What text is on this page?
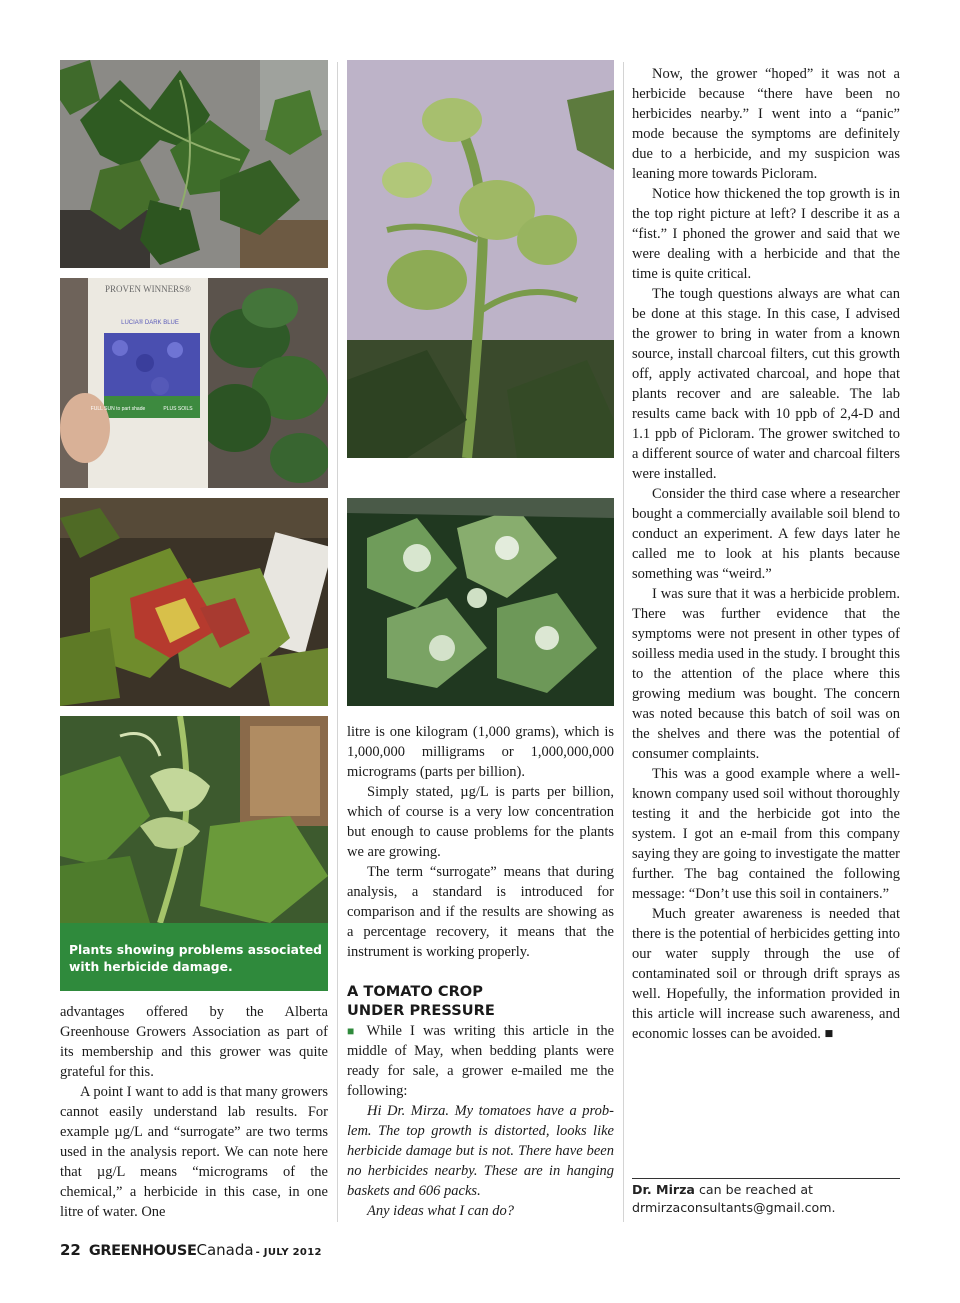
PROVEN WINNERS®
LUCIA® DARK BLUE
FULL SUN to part shade	PLUS SOILS
Plants showing problems associated with herbicide damage.

advantages offered by the Alberta Greenhouse Growers Association as part of its membership and this grower was quite grateful for this.

A point I want to add is that many growers cannot easily understand lab results. For example µg/L and “surrogate” are two terms used in the analysis report. We can note here that µg/L means “micrograms of the chemical,” a herbicide in this case, in one litre of water. One

litre is one kilogram (1,000 grams), which is 1,000,000 milligrams or 1,000,000,000 micrograms (parts per billion).

Simply stated, µg/L is parts per billion, which of course is a very low concentration but enough to cause problems for the plants we are growing.

The term “surrogate” means that during analysis, a standard is introduced for comparison and if the results are showing as a percentage recovery, it means that the instrument is working properly.

A TOMATO CROP
UNDER PRESSURE

■ While I was writing this article in the middle of May, when bedding plants were ready for sale, a grower e-mailed me the following:

Hi Dr. Mirza. My tomatoes have a problem. The top growth is distorted, looks like herbicide damage but is not. There have been no herbicides nearby. These are in hanging baskets and 606 packs.

Any ideas what I can do?

Now, the grower “hoped” it was not a herbicide because “there have been no herbicides nearby.” I went into a “panic” mode because the symptoms are definitely due to a herbicide, and my suspicion was leaning more towards Picloram.

Notice how thickened the top growth is in the top right picture at left? I describe it as a “fist.” I phoned the grower and said that we were dealing with a herbicide and that the time is quite critical.

The tough questions always are what can be done at this stage. In this case, I advised the grower to bring in water from a known source, install charcoal filters, cut this growth off, apply activated charcoal, and hope that plants recover and are saleable. The lab results came back with 10 ppb of 2,4-D and 1.1 ppb of Picloram. The grower switched to a different source of water and charcoal filters were installed.

Consider the third case where a researcher bought a commercially available soil blend to conduct an experiment. A few days later he called me to look at his plants because something was “weird.”

I was sure that it was a herbicide problem. There was further evidence that the symptoms were not present in other types of soilless media used in the study. I brought this to the attention of the place where this growing medium was bought. The concern was noted because this batch of soil was on the shelves and there was the potential of consumer complaints.

This was a good example where a well-known company used soil without thoroughly testing it and the herbicide got into the system. I got an e-mail from this company saying they are going to investigate the matter further. The bag contained the following message: “Don’t use this soil in containers.”

Much greater awareness is needed that there is the potential of herbicides getting into our water supply through the use of contaminated soil or through drift sprays as well. Hopefully, the information provided in this article will increase such awareness, and economic losses can be avoided. ■

Dr. Mirza can be reached at
drmirzaconsultants@gmail.com.
22 GREENHOUSE Canada - JULY 2012
